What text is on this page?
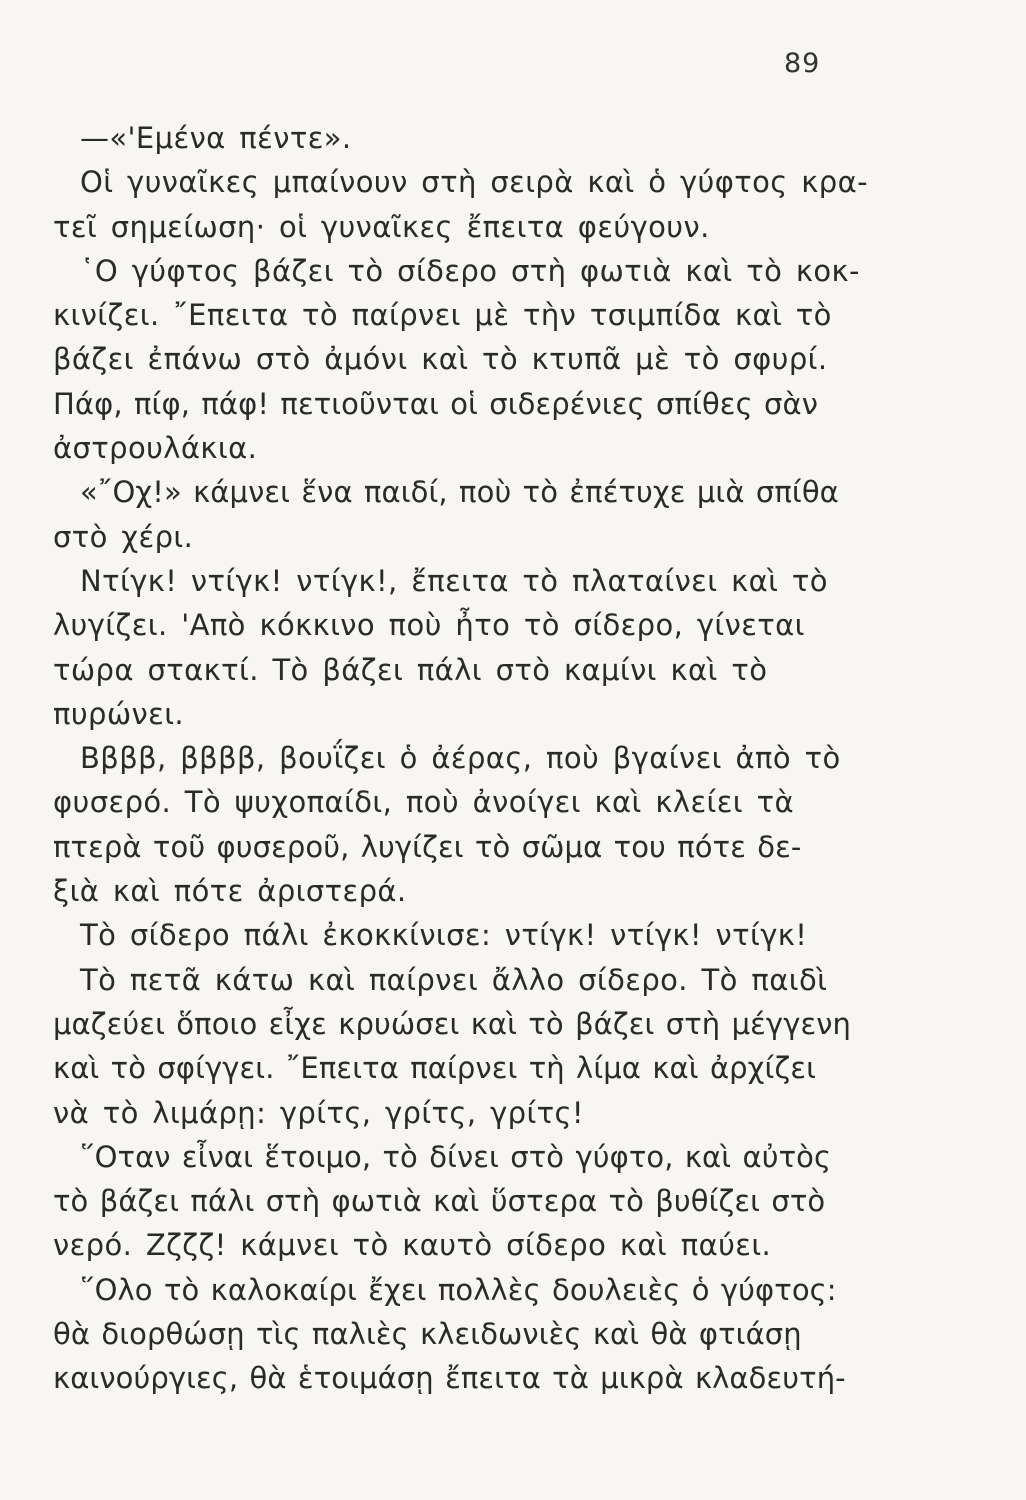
89
—«'Εμένα πέντε».
Οἱ γυναῖκες μπαίνουν στὴ σειρὰ καὶ ὁ γύφτος κρα-
τεῖ σημείωση· οἱ γυναῖκες ἔπειτα φεύγουν.
῾Ο γύφτος βάζει τὸ σίδερο στὴ φωτιὰ καὶ τὸ κοκ-
κινίζει. ῎Επειτα τὸ παίρνει μὲ τὴν τσιμπίδα καὶ τὸ
βάζει ἐπάνω στὸ ἀμόνι καὶ τὸ κτυπᾶ μὲ τὸ σφυρί.
Πάφ, πίφ, πάφ! πετιοῦνται οἱ σιδερένιες σπίθες σὰν
ἀστρουλάκια.
«῎Οχ!» κάμνει ἕνα παιδί, ποὺ τὸ ἐπέτυχε μιὰ σπίθα
στὸ χέρι.
Ντίγκ! ντίγκ! ντίγκ!, ἔπειτα τὸ πλαταίνει καὶ τὸ
λυγίζει. 'Απὸ κόκκινο ποὺ ἦτο τὸ σίδερο, γίνεται
τώρα στακτί. Τὸ βάζει πάλι στὸ καμίνι καὶ τὸ
πυρώνει.
Ββββ, ββββ, βουΐζει ὁ ἀέρας, ποὺ βγαίνει ἀπὸ τὸ
φυσερό. Τὸ ψυχοπαίδι, ποὺ ἀνοίγει καὶ κλείει τὰ
πτερὰ τοῦ φυσεροῦ, λυγίζει τὸ σῶμα του πότε δε-
ξιὰ καὶ πότε ἀριστερά.
Τὸ σίδερο πάλι ἐκοκκίνισε: ντίγκ! ντίγκ! ντίγκ!
Τὸ πετᾶ κάτω καὶ παίρνει ἄλλο σίδερο. Τὸ παιδὶ
μαζεύει ὅποιο εἶχε κρυώσει καὶ τὸ βάζει στὴ μέγγενη
καὶ τὸ σφίγγει. ῎Επειτα παίρνει τὴ λίμα καὶ ἀρχίζει
νὰ τὸ λιμάρῃ: γρίτς, γρίτς, γρίτς!
῞Οταν εἶναι ἕτοιμο, τὸ δίνει στὸ γύφτο, καὶ αὐτὸς
τὸ βάζει πάλι στὴ φωτιὰ καὶ ὕστερα τὸ βυθίζει στὸ
νερό. Ζζζζ! κάμνει τὸ καυτὸ σίδερο καὶ παύει.
῞Ολο τὸ καλοκαίρι ἔχει πολλὲς δουλειὲς ὁ γύφτος:
θὰ διορθώσῃ τὶς παλιὲς κλειδωνιὲς καὶ θὰ φτιάσῃ
καινούργιες, θὰ ἑτοιμάσῃ ἔπειτα τὰ μικρὰ κλαδευτή-
